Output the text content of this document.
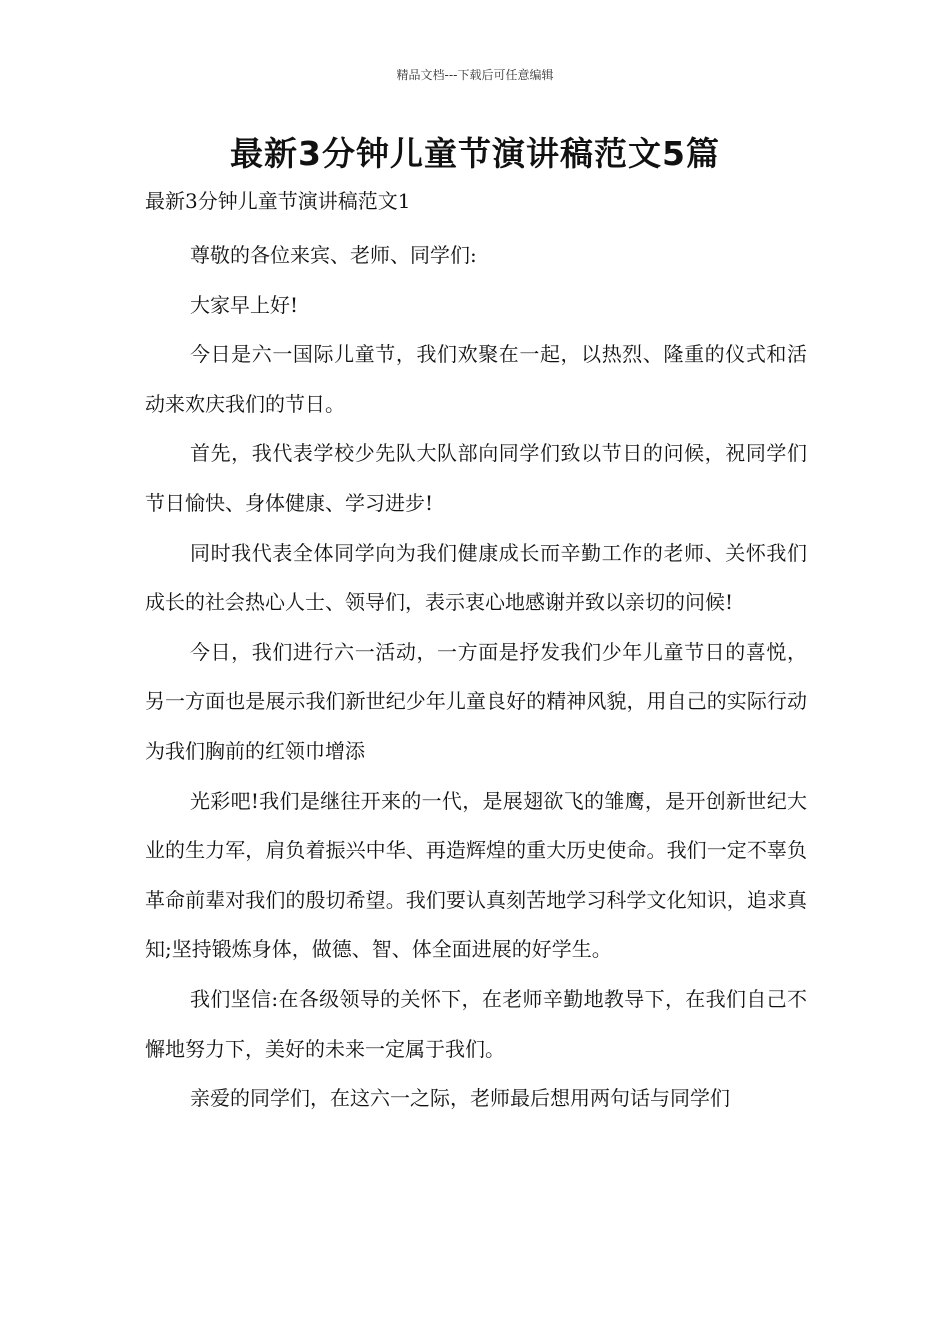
精品文档---下载后可任意编辑
最新3分钟儿童节演讲稿范文5篇
最新3分钟儿童节演讲稿范文1

尊敬的各位来宾、老师、同学们:

大家早上好!

今日是六一国际儿童节，我们欢聚在一起，以热烈、隆重的仪式和活动来欢庆我们的节日。

首先，我代表学校少先队大队部向同学们致以节日的问候，祝同学们节日愉快、身体健康、学习进步!

同时我代表全体同学向为我们健康成长而辛勤工作的老师、关怀我们成长的社会热心人士、领导们，表示衷心地感谢并致以亲切的问候!

今日，我们进行六一活动，一方面是抒发我们少年儿童节日的喜悦，另一方面也是展示我们新世纪少年儿童良好的精神风貌，用自己的实际行动为我们胸前的红领巾增添

光彩吧!我们是继往开来的一代，是展翅欲飞的雏鹰，是开创新世纪大业的生力军，肩负着振兴中华、再造辉煌的重大历史使命。我们一定不辜负革命前辈对我们的殷切希望。我们要认真刻苦地学习科学文化知识，追求真知;坚持锻炼身体，做德、智、体全面进展的好学生。

我们坚信:在各级领导的关怀下，在老师辛勤地教导下，在我们自己不懈地努力下，美好的未来一定属于我们。

亲爱的同学们，在这六一之际，老师最后想用两句话与同学们
